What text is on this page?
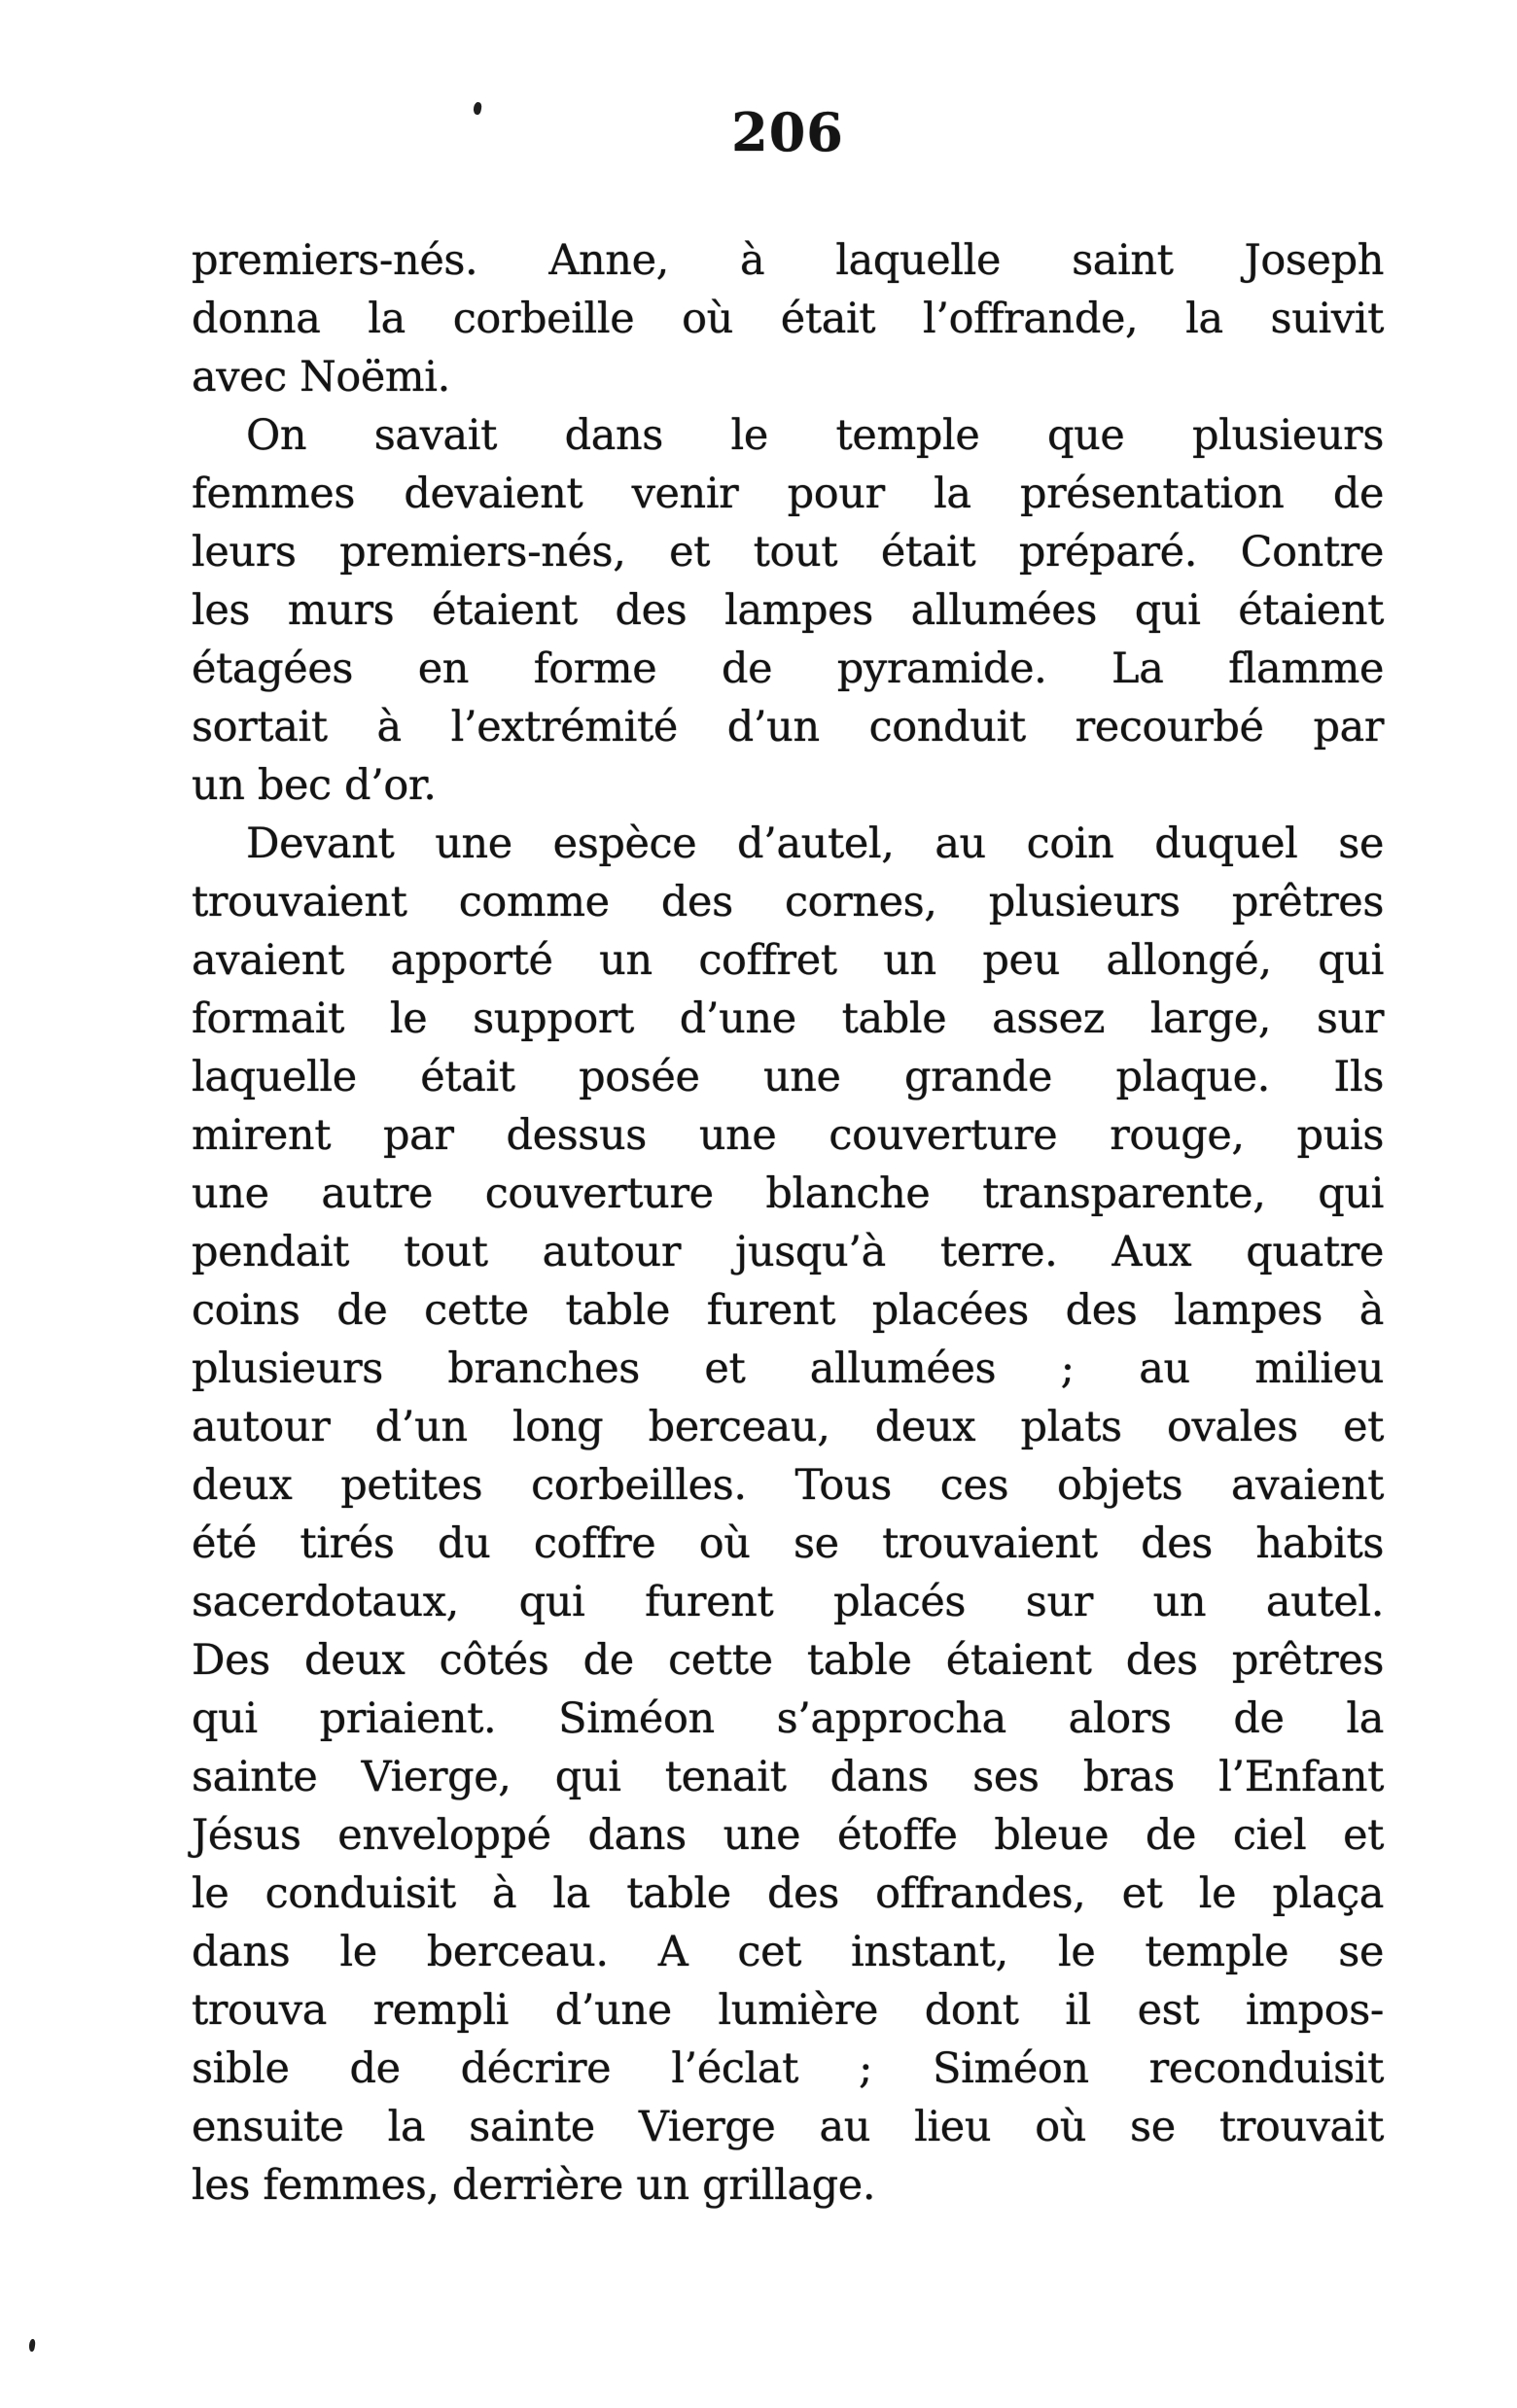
206
premiers-nés. Anne, à laquelle saint Joseph
donna la corbeille où était l’offrande, la suivit
avec Noëmi.
On savait dans le temple que plusieurs
femmes devaient venir pour la présentation de
leurs premiers-nés, et tout était préparé. Contre
les murs étaient des lampes allumées qui étaient
étagées en forme de pyramide. La flamme
sortait à l’extrémité d’un conduit recourbé par
un bec d’or.
Devant une espèce d’autel, au coin duquel se
trouvaient comme des cornes, plusieurs prêtres
avaient apporté un coffret un peu allongé, qui
formait le support d’une table assez large, sur
laquelle était posée une grande plaque. Ils
mirent par dessus une couverture rouge, puis
une autre couverture blanche transparente, qui
pendait tout autour jusqu’à terre. Aux quatre
coins de cette table furent placées des lampes à
plusieurs branches et allumées ; au milieu
autour d’un long berceau, deux plats ovales et
deux petites corbeilles. Tous ces objets avaient
été tirés du coffre où se trouvaient des habits
sacerdotaux, qui furent placés sur un autel.
Des deux côtés de cette table étaient des prêtres
qui priaient. Siméon s’approcha alors de la
sainte Vierge, qui tenait dans ses bras l’Enfant
Jésus enveloppé dans une étoffe bleue de ciel et
le conduisit à la table des offrandes, et le plaça
dans le berceau. A cet instant, le temple se
trouva rempli d’une lumière dont il est impos-
sible de décrire l’éclat ; Siméon reconduisit
ensuite la sainte Vierge au lieu où se trouvait
les femmes, derrière un grillage.
